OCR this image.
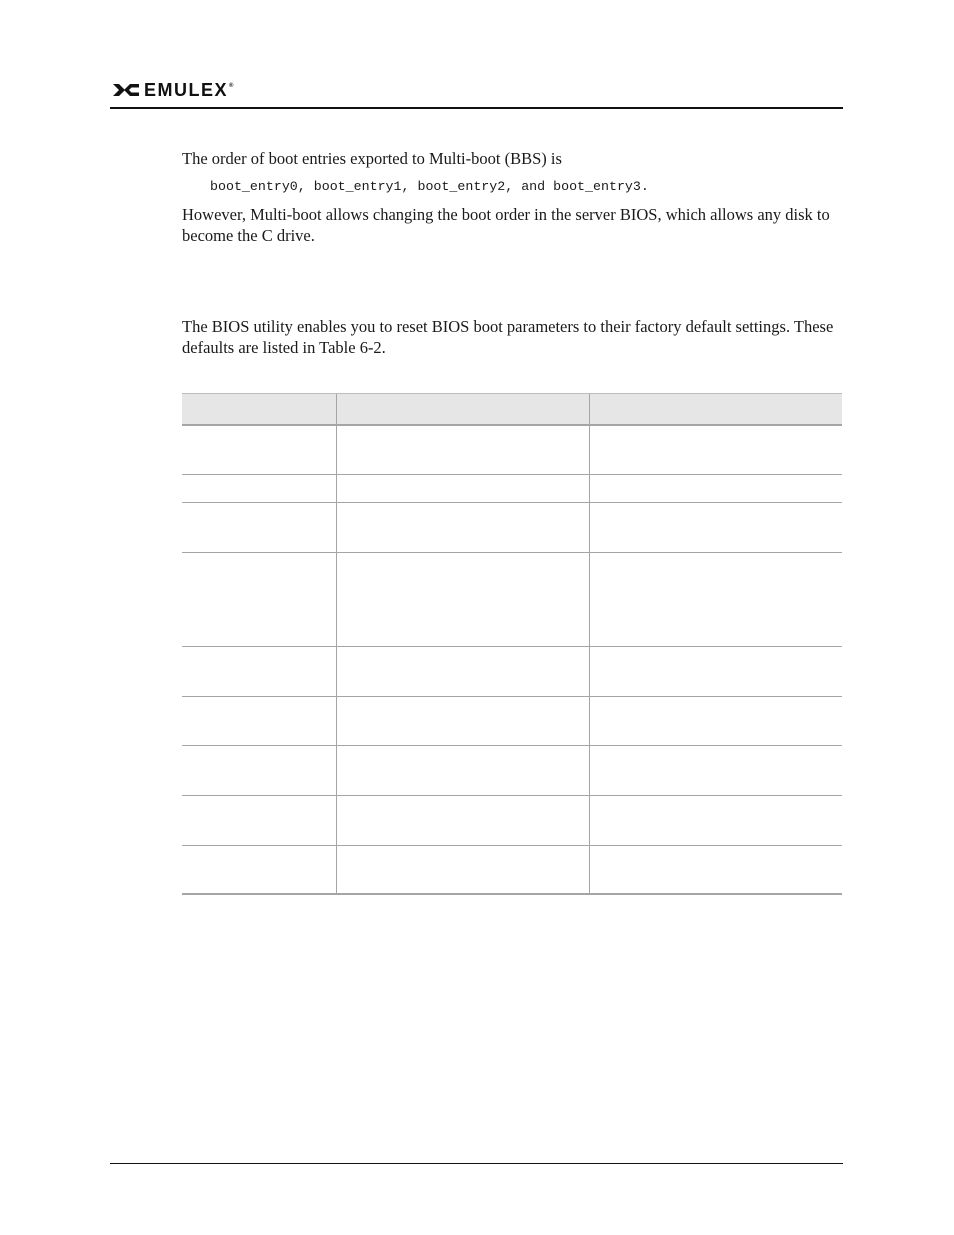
EMULEX®

The order of boot entries exported to Multi-boot (BBS) is

boot_entry0, boot_entry1, boot_entry2, and boot_entry3.

However, Multi-boot allows changing the boot order in the server BIOS, which allows any disk to become the C drive.

The BIOS utility enables you to reset BIOS boot parameters to their factory default settings. These defaults are listed in Table 6-2.
